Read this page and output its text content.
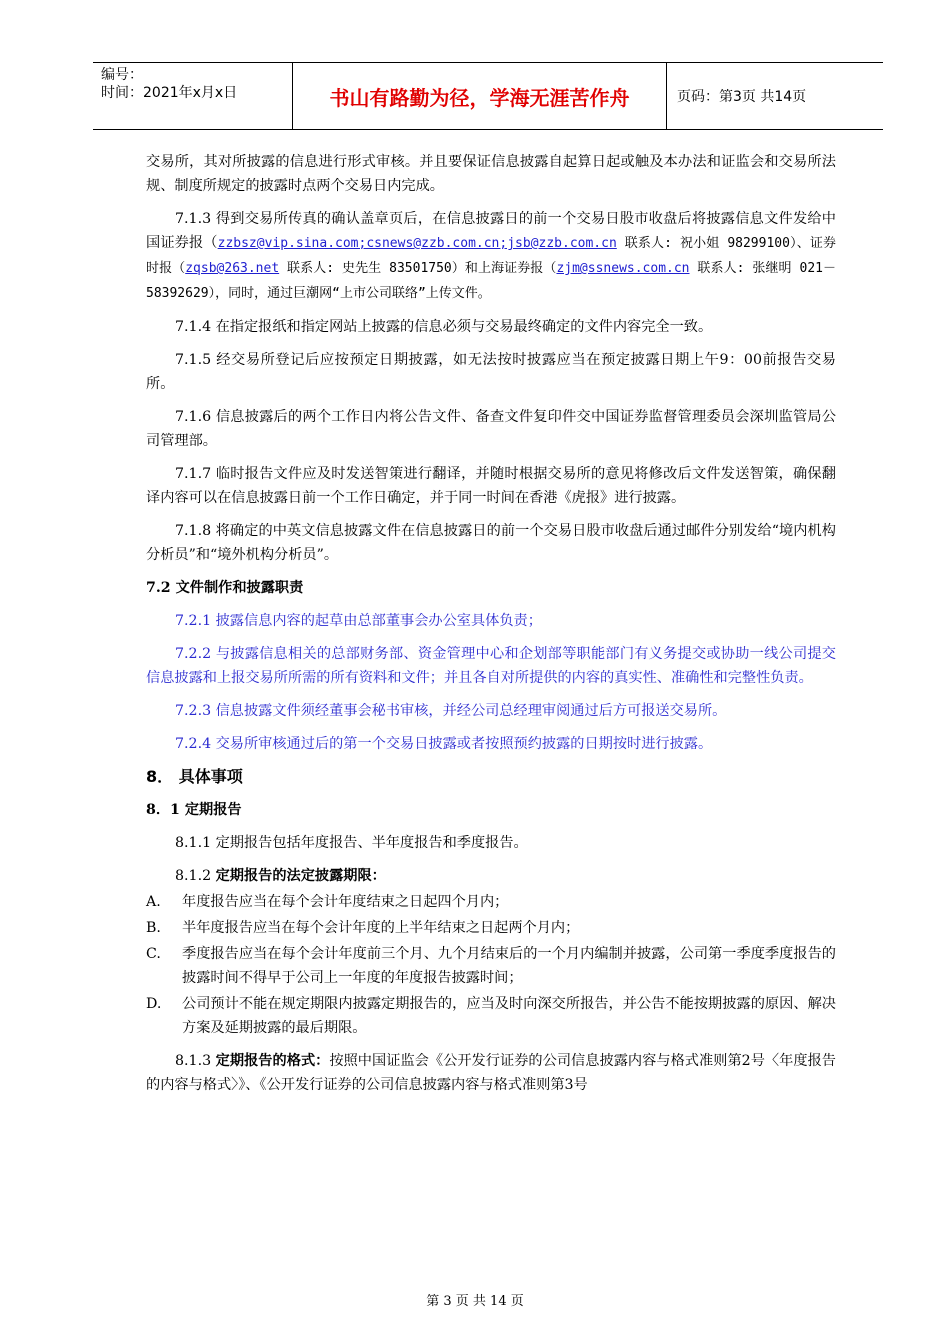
编号：
时间：2021年x月x日	书山有路勤为径，学海无涯苦作舟	页码：第3页 共14页

交易所，其对所披露的信息进行形式审核。并且要保证信息披露自起算日起或触及本办法和证监会和交易所法规、制度所规定的披露时点两个交易日内完成。

7.1.3 得到交易所传真的确认盖章页后，在信息披露日的前一个交易日股市收盘后将披露信息文件发给中国证券报（zzbsz@vip.sina.com;csnews@zzb.com.cn;jsb@zzb.com.cn 联系人: 祝小姐 98299100）、证券时报（zqsb@263.net 联系人: 史先生 83501750）和上海证券报（zjm@ssnews.com.cn 联系人: 张继明 021－58392629），同时，通过巨潮网“上市公司联络”上传文件。

7.1.4 在指定报纸和指定网站上披露的信息必须与交易最终确定的文件内容完全一致。

7.1.5 经交易所登记后应按预定日期披露，如无法按时披露应当在预定披露日期上午9：00前报告交易所。

7.1.6 信息披露后的两个工作日内将公告文件、备查文件复印件交中国证券监督管理委员会深圳监管局公司管理部。

7.1.7 临时报告文件应及时发送智策进行翻译，并随时根据交易所的意见将修改后文件发送智策，确保翻译内容可以在信息披露日前一个工作日确定，并于同一时间在香港《虎报》进行披露。

7.1.8 将确定的中英文信息披露文件在信息披露日的前一个交易日股市收盘后通过邮件分别发给“境内机构分析员”和“境外机构分析员”。

7.2 文件制作和披露职责

7.2.1 披露信息内容的起草由总部董事会办公室具体负责；

7.2.2 与披露信息相关的总部财务部、资金管理中心和企划部等职能部门有义务提交或协助一线公司提交信息披露和上报交易所所需的所有资料和文件；并且各自对所提供的内容的真实性、准确性和完整性负责。

7.2.3 信息披露文件须经董事会秘书审核，并经公司总经理审阅通过后方可报送交易所。

7.2.4 交易所审核通过后的第一个交易日披露或者按照预约披露的日期按时进行披露。

8． 具体事项

8．1 定期报告

8.1.1 定期报告包括年度报告、半年度报告和季度报告。

8.1.2 定期报告的法定披露期限：

A.	年度报告应当在每个会计年度结束之日起四个月内；
B.	半年度报告应当在每个会计年度的上半年结束之日起两个月内；
C.	季度报告应当在每个会计年度前三个月、九个月结束后的一个月内编制并披露，公司第一季度季度报告的披露时间不得早于公司上一年度的年度报告披露时间；
D.	公司预计不能在规定期限内披露定期报告的，应当及时向深交所报告，并公告不能按期披露的原因、解决方案及延期披露的最后期限。

8.1.3 定期报告的格式：按照中国证监会《公开发行证券的公司信息披露内容与格式准则第2号〈年度报告的内容与格式〉》、《公开发行证券的公司信息披露内容与格式准则第3号

第 3 页 共 14 页
